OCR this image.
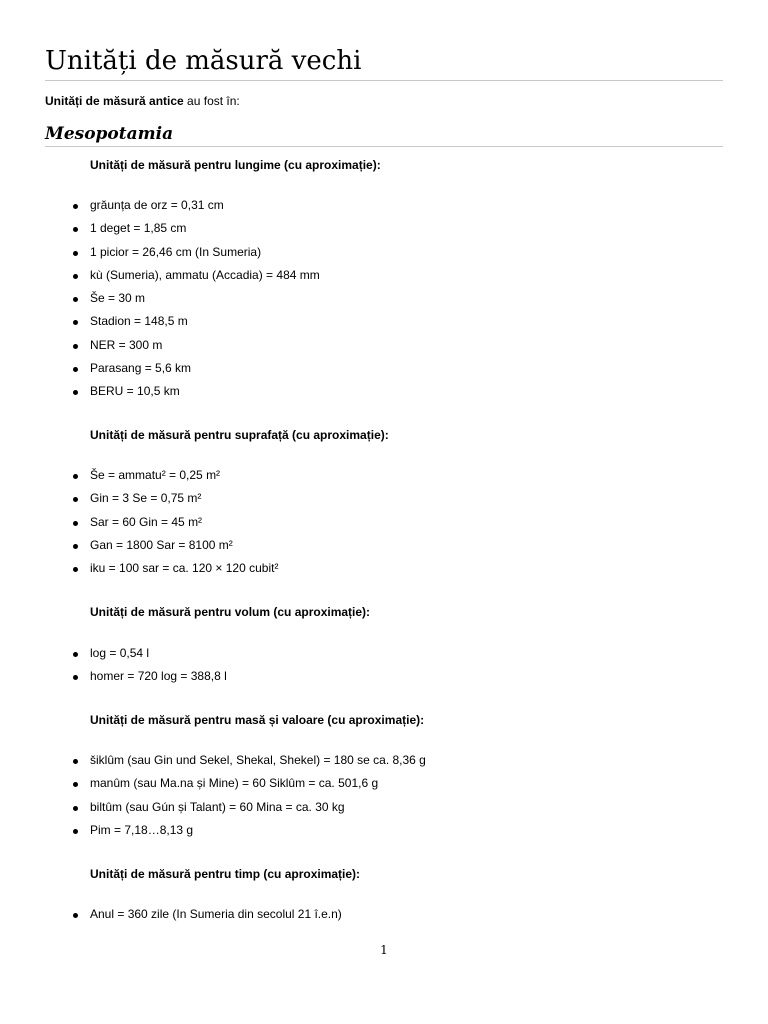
Unități de măsură vechi

Unități de măsură antice au fost în:

Mesopotamia

Unități de măsură pentru lungime (cu aproximație):

grăunța de orz = 0,31 cm
1 deget = 1,85 cm
1 picior = 26,46 cm (In Sumeria)
kù (Sumeria), ammatu (Accadia) = 484 mm
Še = 30 m
Stadion = 148,5 m
NER = 300 m
Parasang = 5,6 km
BERU = 10,5 km

Unități de măsură pentru suprafață (cu aproximație):

Še = ammatu² = 0,25 m²
Gin = 3 Se = 0,75 m²
Sar = 60 Gin = 45 m²
Gan = 1800 Sar = 8100 m²
iku = 100 sar = ca. 120 × 120 cubit²

Unități de măsură pentru volum (cu aproximație):

log = 0,54 l
homer = 720 log = 388,8 l

Unități de măsură pentru masă și valoare (cu aproximație):

šiklûm (sau Gin und Sekel, Shekal, Shekel) = 180 se ca. 8,36 g
manûm (sau Ma.na și Mine) = 60 Siklûm = ca. 501,6 g
biltûm (sau Gún și Talant) = 60 Mina = ca. 30 kg
Pim = 7,18…8,13 g

Unități de măsură pentru timp (cu aproximație):

Anul = 360 zile (In Sumeria din secolul 21 î.e.n)
1
